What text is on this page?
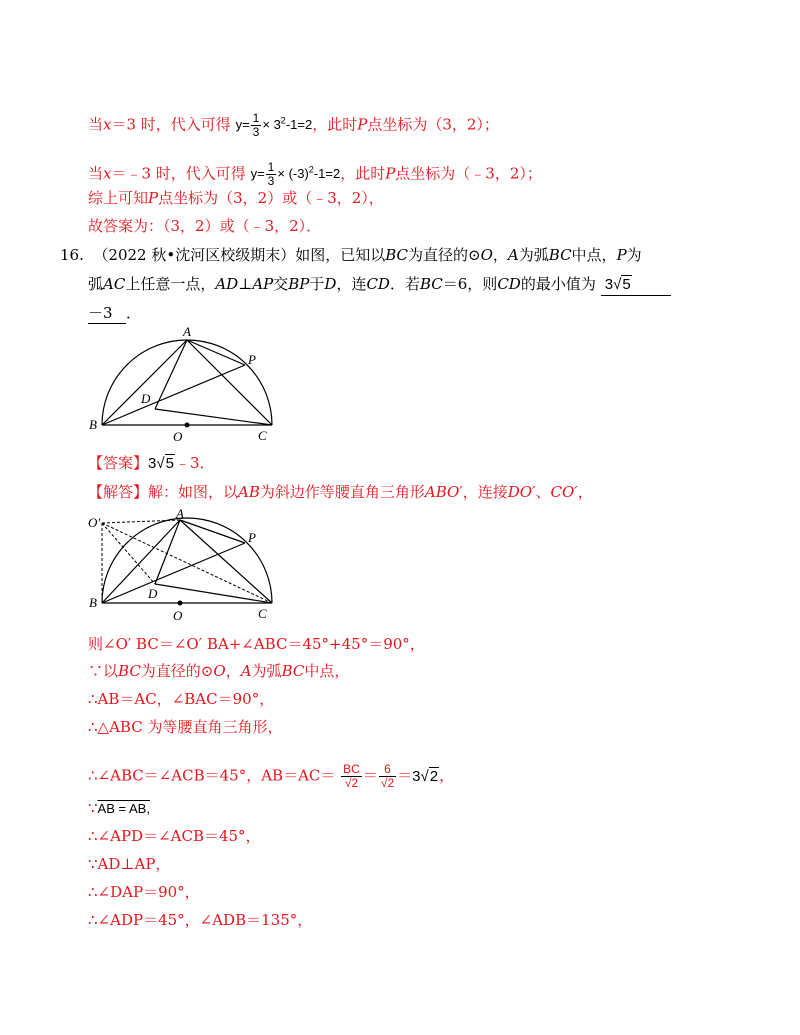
当x＝3 时，代入可得 $y= \frac{1}{3} \times 3^2-1=2$，此时P点坐标为（3，2）；
当x＝﹣3 时，代入可得 $y= \frac{1}{3} \times (-3)^2-1=2$，此时P点坐标为（﹣3，2）；
综上可知P点坐标为（3，2）或（﹣3，2），
故答案为：（3，2）或（﹣3，2）．
16. （2022 秋•沈河区校级期末）如图，已知以BC为直径的⊙O，A为弧BC中点，P为
弧AC上任意一点，AD⊥AP交BP于D，连CD．若BC＝6，则CD的最小值为 3√5
－3 ．
A
P
D
B
O	C
【答案】3√5﹣3．
【解答】解：如图，以AB为斜边作等腰直角三角形ABO′，连接DO′、CO′，
O′
A
P
D
B
O	C
则∠O′ BC＝∠O′ BA+∠ABC＝45°+45°＝90°，
∵以BC为直径的⊙O，A为弧BC中点，
∴AB＝AC，∠BAC＝90°，
∴△ABC 为等腰直角三角形，
∴∠ABC＝∠ACB＝45°，$AB=AC= \frac{BC}{√2} = \frac{6}{√2} =3√2$，
∵AB = AB,
∴∠APD＝∠ACB＝45°，
∵AD⊥AP，
∴∠DAP＝90°，
∴∠ADP＝45°，∠ADB＝135°，
